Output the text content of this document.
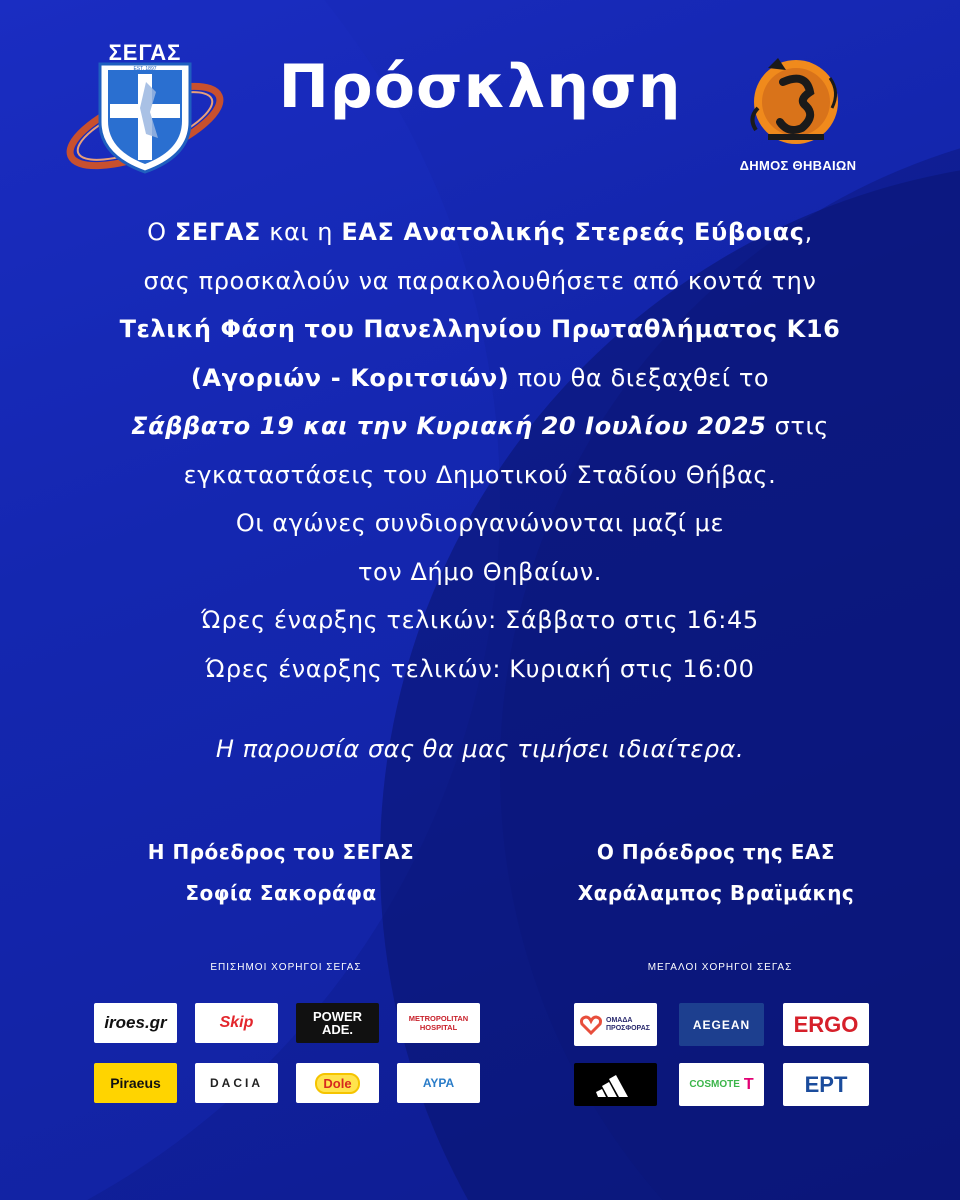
ΣΕΓΑΣ
EST. 1897	Πρόσκληση
ΔΗΜΟΣ ΘΗΒΑΙΩΝ
Ο ΣΕΓΑΣ και η ΕΑΣ Ανατολικής Στερεάς Εύβοιας,
σας προσκαλούν να παρακολουθήσετε από κοντά την
Τελική Φάση του Πανελληνίου Πρωταθλήματος Κ16
(Αγοριών - Κοριτσιών) που θα διεξαχθεί το
Σάββατο 19 και την Κυριακή 20 Ιουλίου 2025 στις
εγκαταστάσεις του Δημοτικού Σταδίου Θήβας.
Οι αγώνες συνδιοργανώνονται μαζί με
τον Δήμο Θηβαίων.
Ώρες έναρξης τελικών: Σάββατο στις 16:45
Ώρες έναρξης τελικών: Κυριακή στις 16:00
Η παρουσία σας θα μας τιμήσει ιδιαίτερα.
Η Πρόεδρος του ΣΕΓΑΣ
Σοφία Σακοράφα
Ο Πρόεδρος της ΕΑΣ
Χαράλαμπος Βραϊμάκης
ΕΠΙΣΗΜΟΙ ΧΟΡΗΓΟΙ ΣΕΓΑΣ	ΜΕΓΑΛΟΙ ΧΟΡΗΓΟΙ ΣΕΓΑΣ
iroes.gr	Skip	POWER ADE.
METROPOLITAN HOSPITAL
Piraeus	DACIA	Dole	ΑΥΡΑ
ΟΜΑΔΑ ΠΡΟΣΦΟΡΑΣ	AEGEAN ERGO
COSMOTE T ΕΡΤ
